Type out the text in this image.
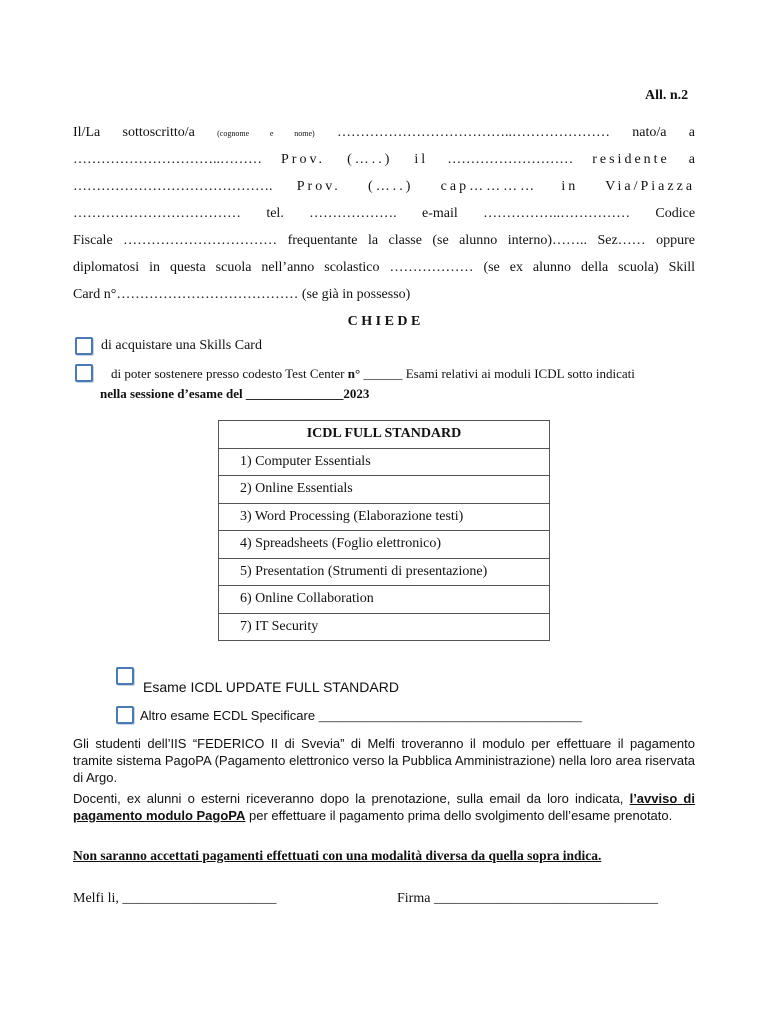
All. n.2
Il/La sottoscritto/a	(cognome e nome) ………………………………..………………… nato/a a
…………………………..……… Prov. (…..) il ……………………… residente a
……………………………………. Prov. (…..) cap………… in Via/Piazza
……………………………… tel. ………………. e-mail ……………..…………… Codice
Fiscale …………………………… frequentante la classe (se alunno interno)…….. Sez…… oppure
diplomatosi in questa scuola nell’anno scolastico ……………… (se ex alunno della scuola) Skill
Card n°………………………………… (se già in possesso)
C H I E D E
di acquistare una Skills Card
di poter sostenere presso codesto Test Center n° ______ Esami relativi ai moduli ICDL sotto indicati
nella sessione d’esame del _______________2023
ICDL FULL STANDARD
1) Computer Essentials
2) Online Essentials
3) Word Processing (Elaborazione testi)
4) Spreadsheets (Foglio elettronico)
5) Presentation (Strumenti di presentazione)
6) Online Collaboration
7) IT Security
Esame ICDL UPDATE FULL STANDARD
Altro esame ECDL Specificare ___________________________________________
Gli studenti dell’IIS “FEDERICO II di Svevia” di Melfi troveranno il modulo per effettuare il pagamento tramite sistema PagoPA (Pagamento elettronico verso la Pubblica Amministrazione) nella loro area riservata di Argo.
Docenti, ex alunni o esterni riceveranno dopo la prenotazione, sulla email da loro indicata, l’avviso di pagamento modulo PagoPA per effettuare il pagamento prima dello svolgimento dell’esame prenotato.
Non saranno accettati pagamenti effettuati con una modalità diversa da quella sopra indica.
Melfi li, ______________________	Firma ________________________________
